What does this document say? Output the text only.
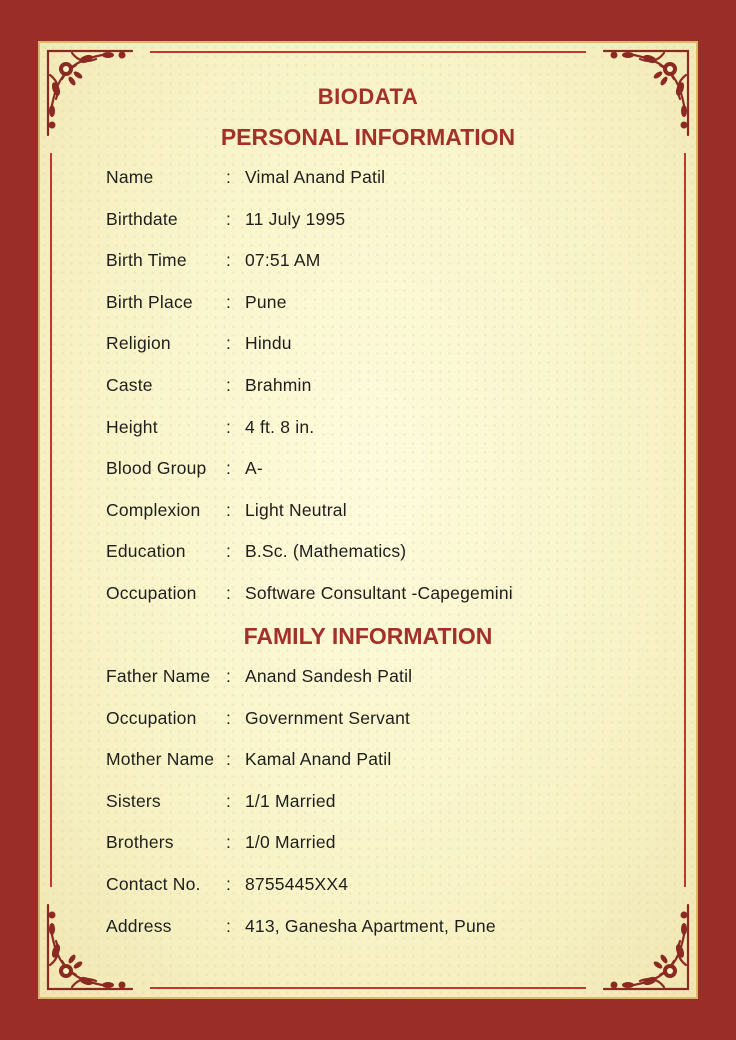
BIODATA
PERSONAL INFORMATION
Name	: Vimal Anand Patil
Birthdate	: 11 July 1995
Birth Time : 07:51 AM
Birth Place : Pune
Religion	: Hindu
Caste	: Brahmin
Height	: 4 ft. 8 in.
Blood Group : A-
Complexion : Light Neutral
Education : B.Sc. (Mathematics)
Occupation : Software Consultant -Capegemini
FAMILY INFORMATION
Father Name : Anand Sandesh Patil
Occupation : Government Servant
Mother Name : Kamal Anand Patil
Sisters	: 1/1 Married
Brothers	: 1/0 Married
Contact No. : 8755445XX4
Address	: 413, Ganesha Apartment, Pune
